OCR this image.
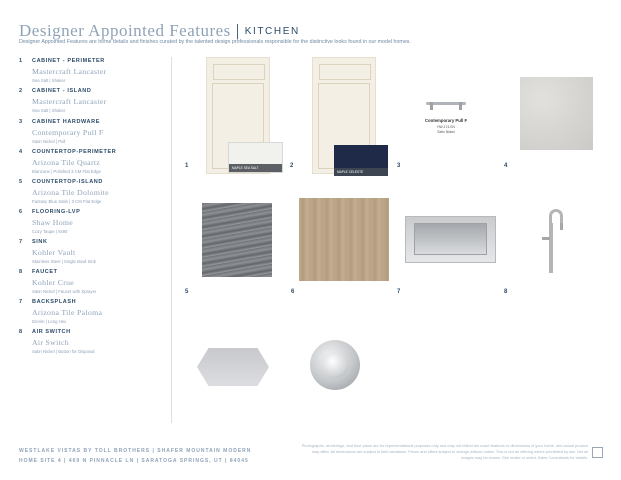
Designer Appointed Features | KITCHEN
Designer Appointed Features are home details and finishes curated by the talented design professionals responsible for the distinctive looks found in our model homes.
1 CABINET - PERIMETER
Mastercraft Lancaster
Sea Salt | Shaker
2 CABINET - ISLAND
Mastercraft Lancaster
Sea Salt | Shaker
3 CABINET HARDWARE
Contemporary Pull F
Satin Nickel | Pull
4 COUNTERTOP-PERIMETER
Arizona Tile Quartz
Bianzone | Polished 3 CM Flat Edge
5 COUNTERTOP-ISLAND
Arizona Tile Dolomite
Fantasy Blue Satin | 3 CM Flat Edge
6 FLOORING-LVP
Shaw Home
Cozy Taupe | 6x90
7 SINK
Kohler Vault
Stainless Steel | Single Bowl Sink
8 FAUCET
Kohler Crue
Satin Nickel | Faucet with Sprayer
7 BACKSPLASH
Arizona Tile Paloma
Denim | Long Hex
8 AIR SWITCH
Air Switch
Satin Nickel | Button for Disposal
MAPLE SEA SALT
1
MAPLE CELESTE
2
Contemporary Pull F
HW-174-SN
Satin Nickel
3	4
5	6	7	8
WESTLAKE VISTAS BY TOLL BROTHERS | SHAFER MOUNTAIN MODERN
HOME SITE 4 | 469 N PINNACLE LN | SARATOGA SPRINGS, UT | 84045
Photographs, renderings, and floor plans are for representational purposes only and may not reflect the exact features or dimensions of your home, and actual product may differ. All dimensions are subject to field variations. Prices and offers subject to change without notice. This is not an offering where prohibited by law. Not all images may be shown. See onsite or online Sales Consultants for details.
